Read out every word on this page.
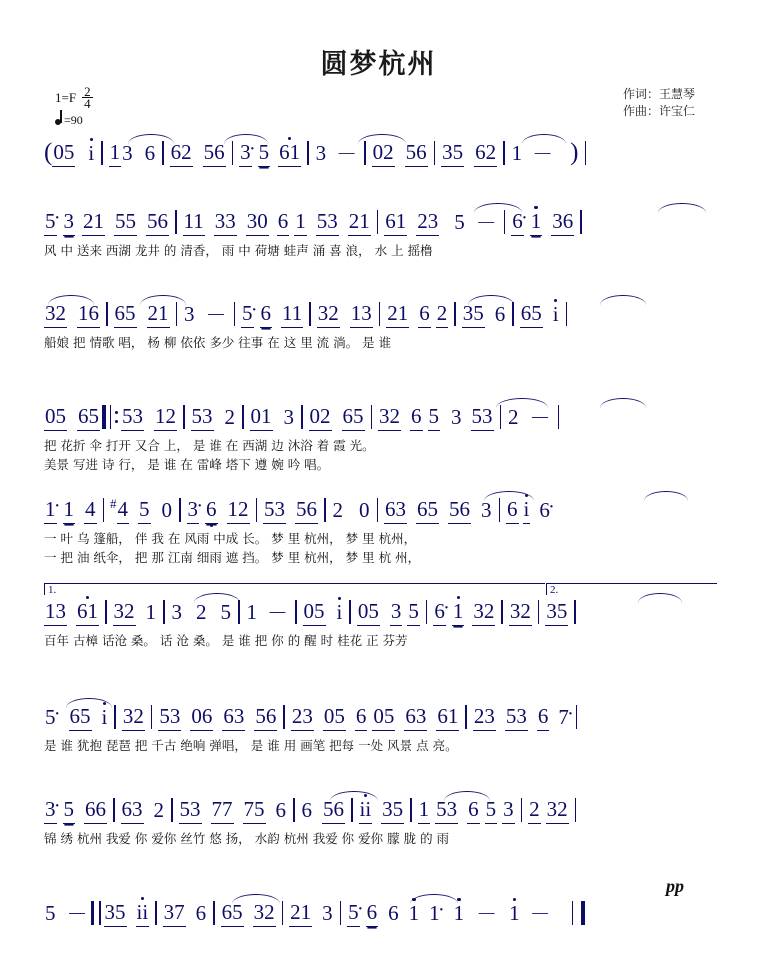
圆梦杭州
作词：王慧琴
作曲：许宝仁
$1=F \frac{2}{4}$
=90
( 05 i 1 3 6 62 56 3 · 5 61 3 － 02 56 35 62 1 － )
5 · 3 21 55 56 11 33 30 6 1 53 21 61 23 5 － 6 · 1 36
风 中 送来 西湖 龙井 的 清香， 雨 中 荷塘 蛙声 涌 喜 浪， 水 上 摇橹
32 16 65 21 3 － 5 · 6 11 32 13 21 6 2 35 6 65 i
船娘 把 情歌 唱， 杨 柳 依依 多少 往事 在 这 里 流 淌。 是 谁
05 65 53 12 53 2 01 3 02 65 32 6 5 3 53 2 －
把 花折 伞 打开 又合 上， 是 谁 在 西湖 边 沐浴 着 霞 光。
美景 写进 诗 行， 是 谁 在 雷峰 塔下 遵 婉 吟 唱。
1 · 1 4 # 4 5 0 3 · 6 12 53 56 2 0 63 65 56 3 6 i 6 ·
一 叶 乌 篷船， 伴 我 在 风雨 中成 长。 梦 里 杭州， 梦 里 杭州，
一 把 油 纸伞， 把 那 江南 细雨 遮 挡。 梦 里 杭州， 梦 里 杭 州，
1.	2.
13 61 32 1 3 2 5 1 － 05 i 05 3 5 6 · 1 32 32 35
百年 古樟 话沧 桑。 话 沧 桑。 是 谁 把 你 的 醒 时 桂花 正 芬芳
5 · 65 i 32 53 06 63 56 23 05 6 05 63 61 23 53 6 7 ·
是 谁 犹抱 琵琶 把 千古 绝响 弹唱， 是 谁 用 画笔 把每 一处 风景 点 亮。
3 · 5 66 63 2 53 77 75 6 6 56 ii 35 1 53 6 5 3 2 32
锦 绣 杭州 我爱 你 爱你 丝竹 悠 扬， 水韵 杭州 我爱 你 爱你 朦 胧 的 雨
pp
5 － 35 ii 37 6 65 32 21 3 5 · 6 6 1 1 · 1 － 1 －
